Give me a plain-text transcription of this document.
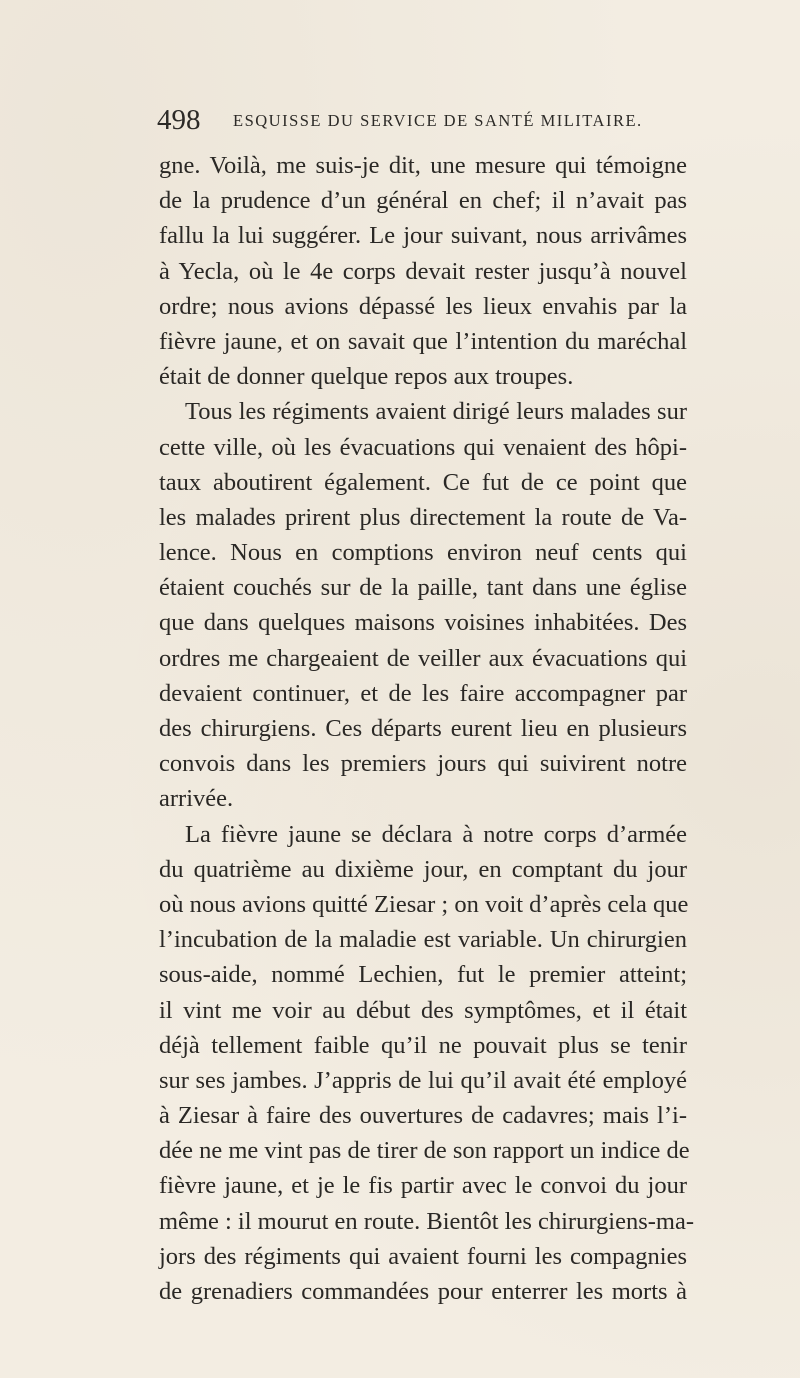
498 ESQUISSE DU SERVICE DE SANTÉ MILITAIRE.
gne. Voilà, me suis-je dit, une mesure qui témoigne
de la prudence d’un général en chef; il n’avait pas
fallu la lui suggérer. Le jour suivant, nous arrivâmes
à Yecla, où le 4e corps devait rester jusqu’à nouvel
ordre; nous avions dépassé les lieux envahis par la
fièvre jaune, et on savait que l’intention du maréchal
était de donner quelque repos aux troupes.
Tous les régiments avaient dirigé leurs malades sur
cette ville, où les évacuations qui venaient des hôpi-
taux aboutirent également. Ce fut de ce point que
les malades prirent plus directement la route de Va-
lence. Nous en comptions environ neuf cents qui
étaient couchés sur de la paille, tant dans une église
que dans quelques maisons voisines inhabitées. Des
ordres me chargeaient de veiller aux évacuations qui
devaient continuer, et de les faire accompagner par
des chirurgiens. Ces départs eurent lieu en plusieurs
convois dans les premiers jours qui suivirent notre
arrivée.
La fièvre jaune se déclara à notre corps d’armée
du quatrième au dixième jour, en comptant du jour
où nous avions quitté Ziesar ; on voit d’après cela que
l’incubation de la maladie est variable. Un chirurgien
sous-aide, nommé Lechien, fut le premier atteint;
il vint me voir au début des symptômes, et il était
déjà tellement faible qu’il ne pouvait plus se tenir
sur ses jambes. J’appris de lui qu’il avait été employé
à Ziesar à faire des ouvertures de cadavres; mais l’i-
dée ne me vint pas de tirer de son rapport un indice de
fièvre jaune, et je le fis partir avec le convoi du jour
même : il mourut en route. Bientôt les chirurgiens-ma-
jors des régiments qui avaient fourni les compagnies
de grenadiers commandées pour enterrer les morts à
